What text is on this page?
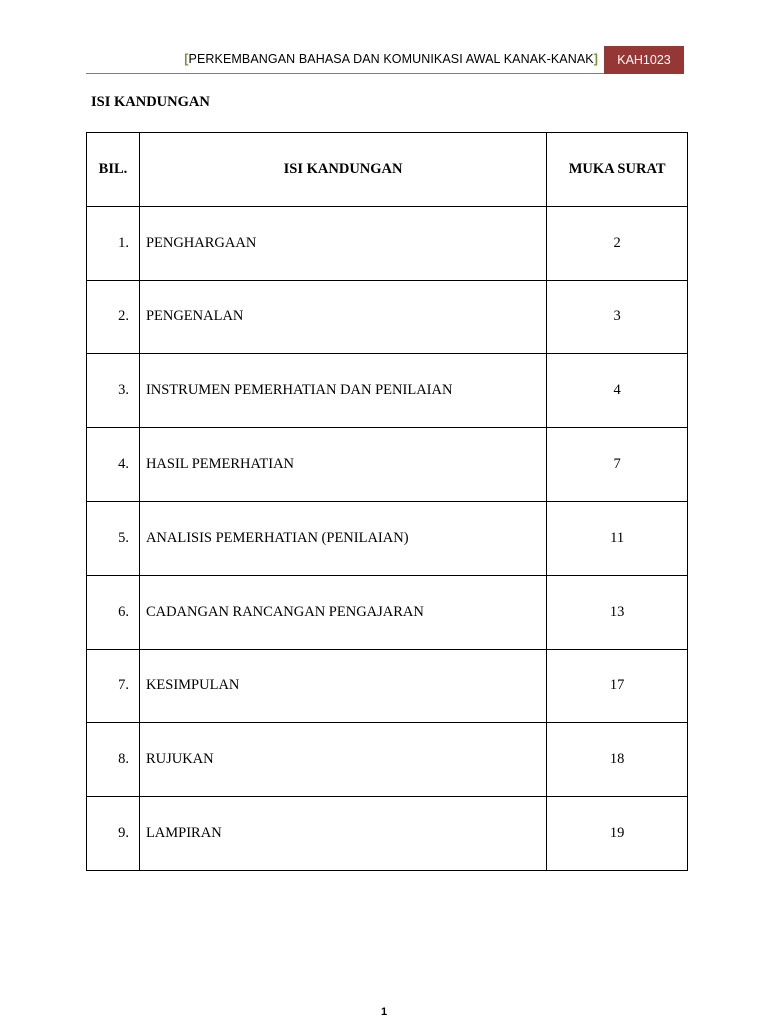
[PERKEMBANGAN BAHASA DAN KOMUNIKASI AWAL KANAK-KANAK]	KAH1023
ISI KANDUNGAN
BIL.	ISI KANDUNGAN	MUKA SURAT
1.	PENGHARGAAN	2
2.	PENGENALAN	3
3.	INSTRUMEN PEMERHATIAN DAN PENILAIAN	4
4.	HASIL PEMERHATIAN	7
5.	ANALISIS PEMERHATIAN (PENILAIAN)	11
6.	CADANGAN RANCANGAN PENGAJARAN	13
7.	KESIMPULAN	17
8.	RUJUKAN	18
9.	LAMPIRAN	19
1
